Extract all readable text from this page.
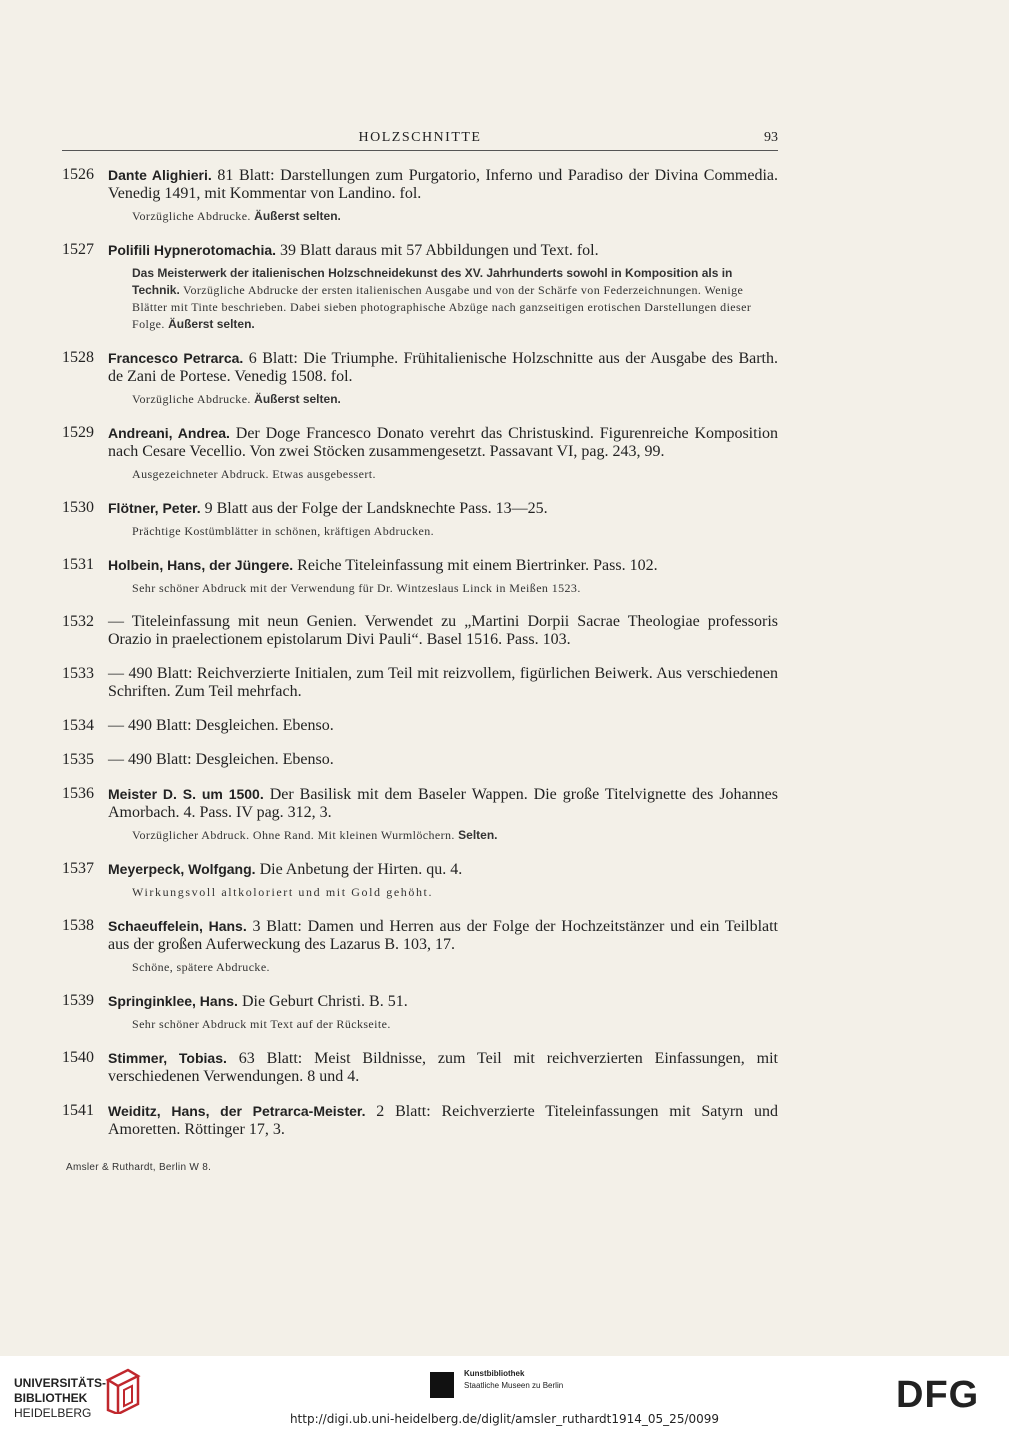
HOLZSCHNITTE	93
1526 Dante Alighieri. 81 Blatt: Darstellungen zum Purgatorio, Inferno und Paradiso der Divina Commedia. Venedig 1491, mit Kommentar von Landino. fol.
Vorzügliche Abdrucke. Äußerst selten.
1527 Polifili Hypnerotomachia. 39 Blatt daraus mit 57 Abbildungen und Text. fol.
Das Meisterwerk der italienischen Holzschneidekunst des XV. Jahrhunderts sowohl in Komposition als in Technik. Vorzügliche Abdrucke der ersten italienischen Ausgabe und von der Schärfe von Federzeichnungen. Wenige Blätter mit Tinte beschrieben. Dabei sieben photographische Abzüge nach ganzseitigen erotischen Darstellungen dieser Folge. Äußerst selten.
1528 Francesco Petrarca. 6 Blatt: Die Triumphe. Frühitalienische Holzschnitte aus der Ausgabe des Barth. de Zani de Portese. Venedig 1508. fol.
Vorzügliche Abdrucke. Äußerst selten.
1529 Andreani, Andrea. Der Doge Francesco Donato verehrt das Christuskind. Figurenreiche Komposition nach Cesare Vecellio. Von zwei Stöcken zusammengesetzt. Passavant VI, pag. 243, 99.
Ausgezeichneter Abdruck. Etwas ausgebessert.
1530 Flötner, Peter. 9 Blatt aus der Folge der Landsknechte Pass. 13—25.
Prächtige Kostümblätter in schönen, kräftigen Abdrucken.
1531 Holbein, Hans, der Jüngere. Reiche Titeleinfassung mit einem Biertrinker. Pass. 102.
Sehr schöner Abdruck mit der Verwendung für Dr. Wintzeslaus Linck in Meißen 1523.
1532 — Titeleinfassung mit neun Genien. Verwendet zu „Martini Dorpii Sacrae Theologiae professoris Orazio in praelectionem epistolarum Divi Pauli“. Basel 1516. Pass. 103.
1533 — 490 Blatt: Reichverzierte Initialen, zum Teil mit reizvollem, figürlichen Beiwerk. Aus verschiedenen Schriften. Zum Teil mehrfach.
1534 — 490 Blatt: Desgleichen. Ebenso.
1535 — 490 Blatt: Desgleichen. Ebenso.
1536 Meister D. S. um 1500. Der Basilisk mit dem Baseler Wappen. Die große Titelvignette des Johannes Amorbach. 4. Pass. IV pag. 312, 3.
Vorzüglicher Abdruck. Ohne Rand. Mit kleinen Wurmlöchern. Selten.
1537 Meyerpeck, Wolfgang. Die Anbetung der Hirten. qu. 4.
Wirkungsvoll altkoloriert und mit Gold gehöht.
1538 Schaeuffelein, Hans. 3 Blatt: Damen und Herren aus der Folge der Hochzeitstänzer und ein Teilblatt aus der großen Auferweckung des Lazarus B. 103, 17.
Schöne, spätere Abdrucke.
1539 Springinklee, Hans. Die Geburt Christi. B. 51.
Sehr schöner Abdruck mit Text auf der Rückseite.
1540 Stimmer, Tobias. 63 Blatt: Meist Bildnisse, zum Teil mit reichverzierten Einfassungen, mit verschiedenen Verwendungen. 8 und 4.
1541 Weiditz, Hans, der Petrarca-Meister. 2 Blatt: Reichverzierte Titeleinfassungen mit Satyrn und Amoretten. Röttinger 17, 3.
Amsler & Ruthardt, Berlin W 8.
UNIVERSITÄTS-
BIBLIOTHEK
HEIDELBERG
Kunstbibliothek
Staatliche Museen zu Berlin	DFG
http://digi.ub.uni-heidelberg.de/diglit/amsler_ruthardt1914_05_25/0099
